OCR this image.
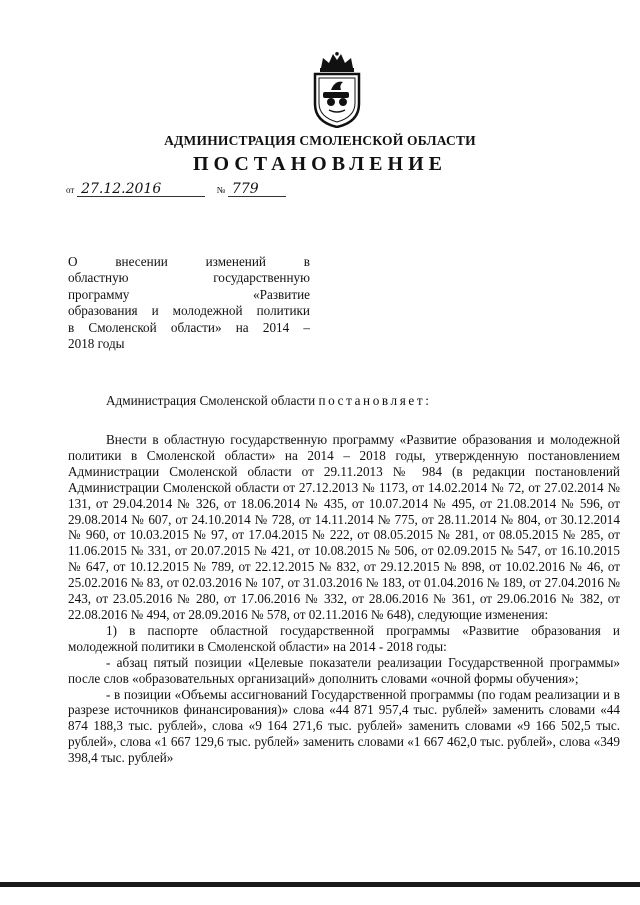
АДМИНИСТРАЦИЯ СМОЛЕНСКОЙ ОБЛАСТИ
ПОСТАНОВЛЕНИЕ
от 27.12.2016	№ 779
О внесении изменений в
областную государственную
программу «Развитие
образования и молодежной политики
в Смоленской области» на 2014 –
2018 годы
Администрация Смоленской области постановляет:

Внести в областную государственную программу «Развитие образования и молодежной политики в Смоленской области» на 2014 – 2018 годы, утвержденную постановлением Администрации Смоленской области от 29.11.2013 № 984 (в редакции постановлений Администрации Смоленской области от 27.12.2013 № 1173, от 14.02.2014 № 72, от 27.02.2014 № 131, от 29.04.2014 № 326, от 18.06.2014 № 435, от 10.07.2014 № 495, от 21.08.2014 № 596, от 29.08.2014 № 607, от 24.10.2014 № 728, от 14.11.2014 № 775, от 28.11.2014 № 804, от 30.12.2014 № 960, от 10.03.2015 № 97, от 17.04.2015 № 222, от 08.05.2015 № 281, от 08.05.2015 № 285, от 11.06.2015 № 331, от 20.07.2015 № 421, от 10.08.2015 № 506, от 02.09.2015 № 547, от 16.10.2015 № 647, от 10.12.2015 № 789, от 22.12.2015 № 832, от 29.12.2015 № 898, от 10.02.2016 № 46, от 25.02.2016 № 83, от 02.03.2016 № 107, от 31.03.2016 № 183, от 01.04.2016 № 189, от 27.04.2016 № 243, от 23.05.2016 № 280, от 17.06.2016 № 332, от 28.06.2016 № 361, от 29.06.2016 № 382, от 22.08.2016 № 494, от 28.09.2016 № 578, от 02.11.2016 № 648), следующие изменения:

1) в паспорте областной государственной программы «Развитие образования и молодежной политики в Смоленской области» на 2014 - 2018 годы:

- абзац пятый позиции «Целевые показатели реализации Государственной программы» после слов «образовательных организаций» дополнить словами «очной формы обучения»;

- в позиции «Объемы ассигнований Государственной программы (по годам реализации и в разрезе источников финансирования)» слова «44 871 957,4 тыс. рублей» заменить словами «44 874 188,3 тыс. рублей», слова «9 164 271,6 тыс. рублей» заменить словами «9 166 502,5 тыс. рублей», слова «1 667 129,6 тыс. рублей» заменить словами «1 667 462,0 тыс. рублей», слова «349 398,4 тыс. рублей»
